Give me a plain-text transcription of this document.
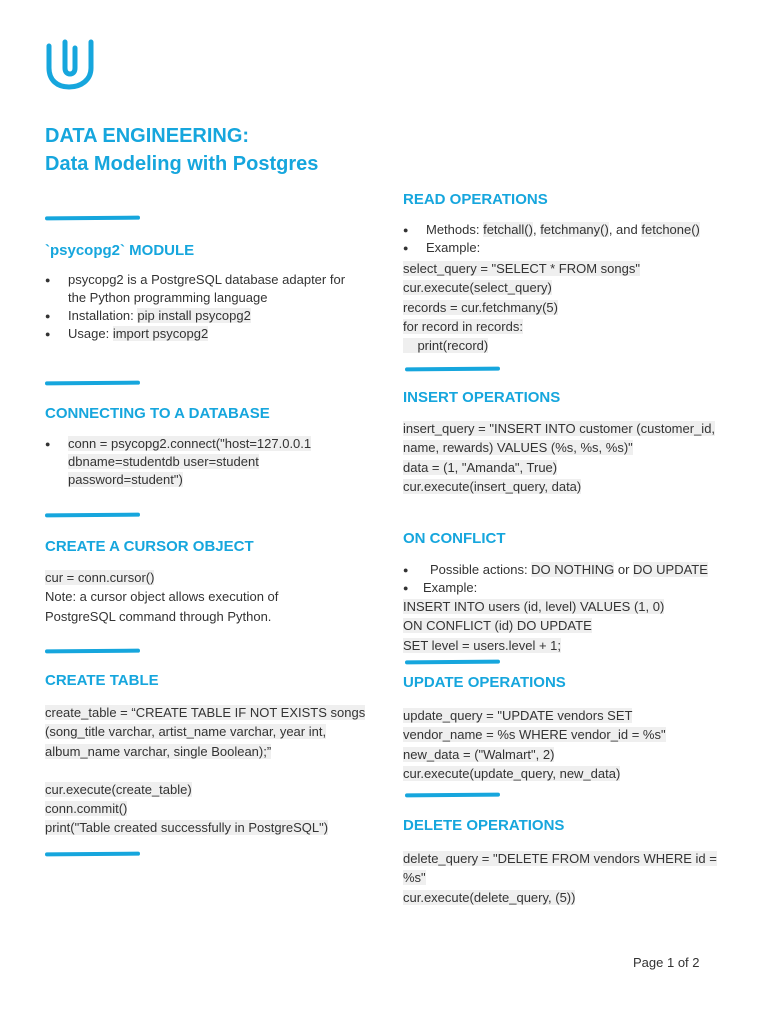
DATA ENGINEERING:
Data Modeling with Postgres
`psycopg2` MODULE
● psycopg2 is a PostgreSQL database adapter for the Python programming language
● Installation: pip install psycopg2
● Usage: import psycopg2
CONNECTING TO A DATABASE
● conn = psycopg2.connect("host=127.0.0.1 dbname=studentdb user=student password=student")
CREATE A CURSOR OBJECT
cur = conn.cursor()
Note: a cursor object allows execution of PostgreSQL command through Python.
CREATE TABLE
create_table = “CREATE TABLE IF NOT EXISTS songs (song_title varchar, artist_name varchar, year int, album_name varchar, single Boolean);”
cur.execute(create_table)
conn.commit()
print("Table created successfully in PostgreSQL")
READ OPERATIONS
● Methods: fetchall(), fetchmany(), and fetchone()
● Example:
select_query = "SELECT * FROM songs"
cur.execute(select_query)
records = cur.fetchmany(5)
for record in records:
print(record)
INSERT OPERATIONS
insert_query = "INSERT INTO customer (customer_id, name, rewards) VALUES (%s, %s, %s)"
data = (1, "Amanda", True)
cur.execute(insert_query, data)
ON CONFLICT
● Possible actions: DO NOTHING or DO UPDATE
● Example:
INSERT INTO users (id, level) VALUES (1, 0)
ON CONFLICT (id) DO UPDATE
SET level = users.level + 1;
UPDATE OPERATIONS
update_query = "UPDATE vendors SET
vendor_name = %s WHERE vendor_id = %s"
new_data = ("Walmart", 2)
cur.execute(update_query, new_data)
DELETE OPERATIONS
delete_query = "DELETE FROM vendors WHERE id = %s"
cur.execute(delete_query, (5))
Page 1 of 2
